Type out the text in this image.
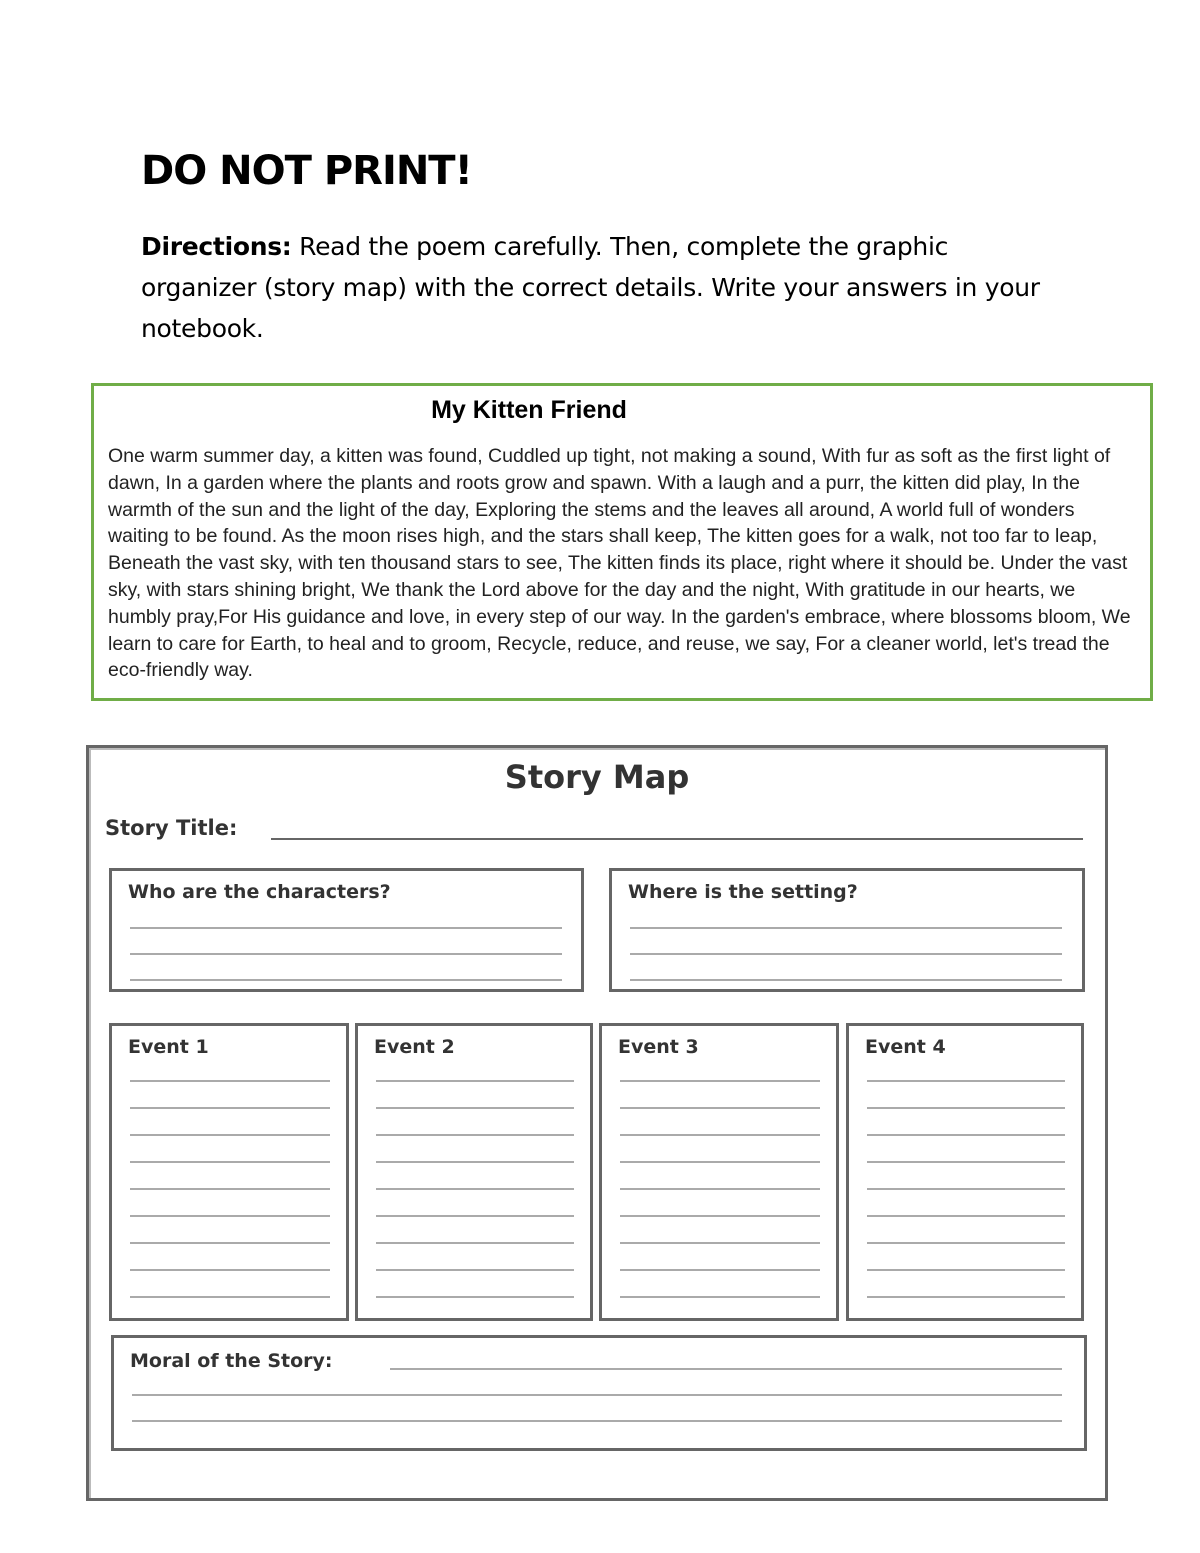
DO NOT PRINT!
Directions: Read the poem carefully. Then, complete the graphic organizer (story map) with the correct details. Write your answers in your notebook.

My Kitten Friend

One warm summer day, a kitten was found, Cuddled up tight, not making a sound, With fur as soft as the first light of dawn, In a garden where the plants and roots grow and spawn. With a laugh and a purr, the kitten did play, In the warmth of the sun and the light of the day, Exploring the stems and the leaves all around, A world full of wonders waiting to be found. As the moon rises high, and the stars shall keep, The kitten goes for a walk, not too far to leap, Beneath the vast sky, with ten thousand stars to see, The kitten finds its place, right where it should be. Under the vast sky, with stars shining bright, We thank the Lord above for the day and the night, With gratitude in our hearts, we humbly pray,For His guidance and love, in every step of our way. In the garden's embrace, where blossoms bloom, We learn to care for Earth, to heal and to groom, Recycle, reduce, and reuse, we say, For a cleaner world, let's tread the eco-friendly way.

Story Map
Story Title:
Who are the characters?	Where is the setting?
Event 1	Event 2	Event 3	Event 4
Moral of the Story:
